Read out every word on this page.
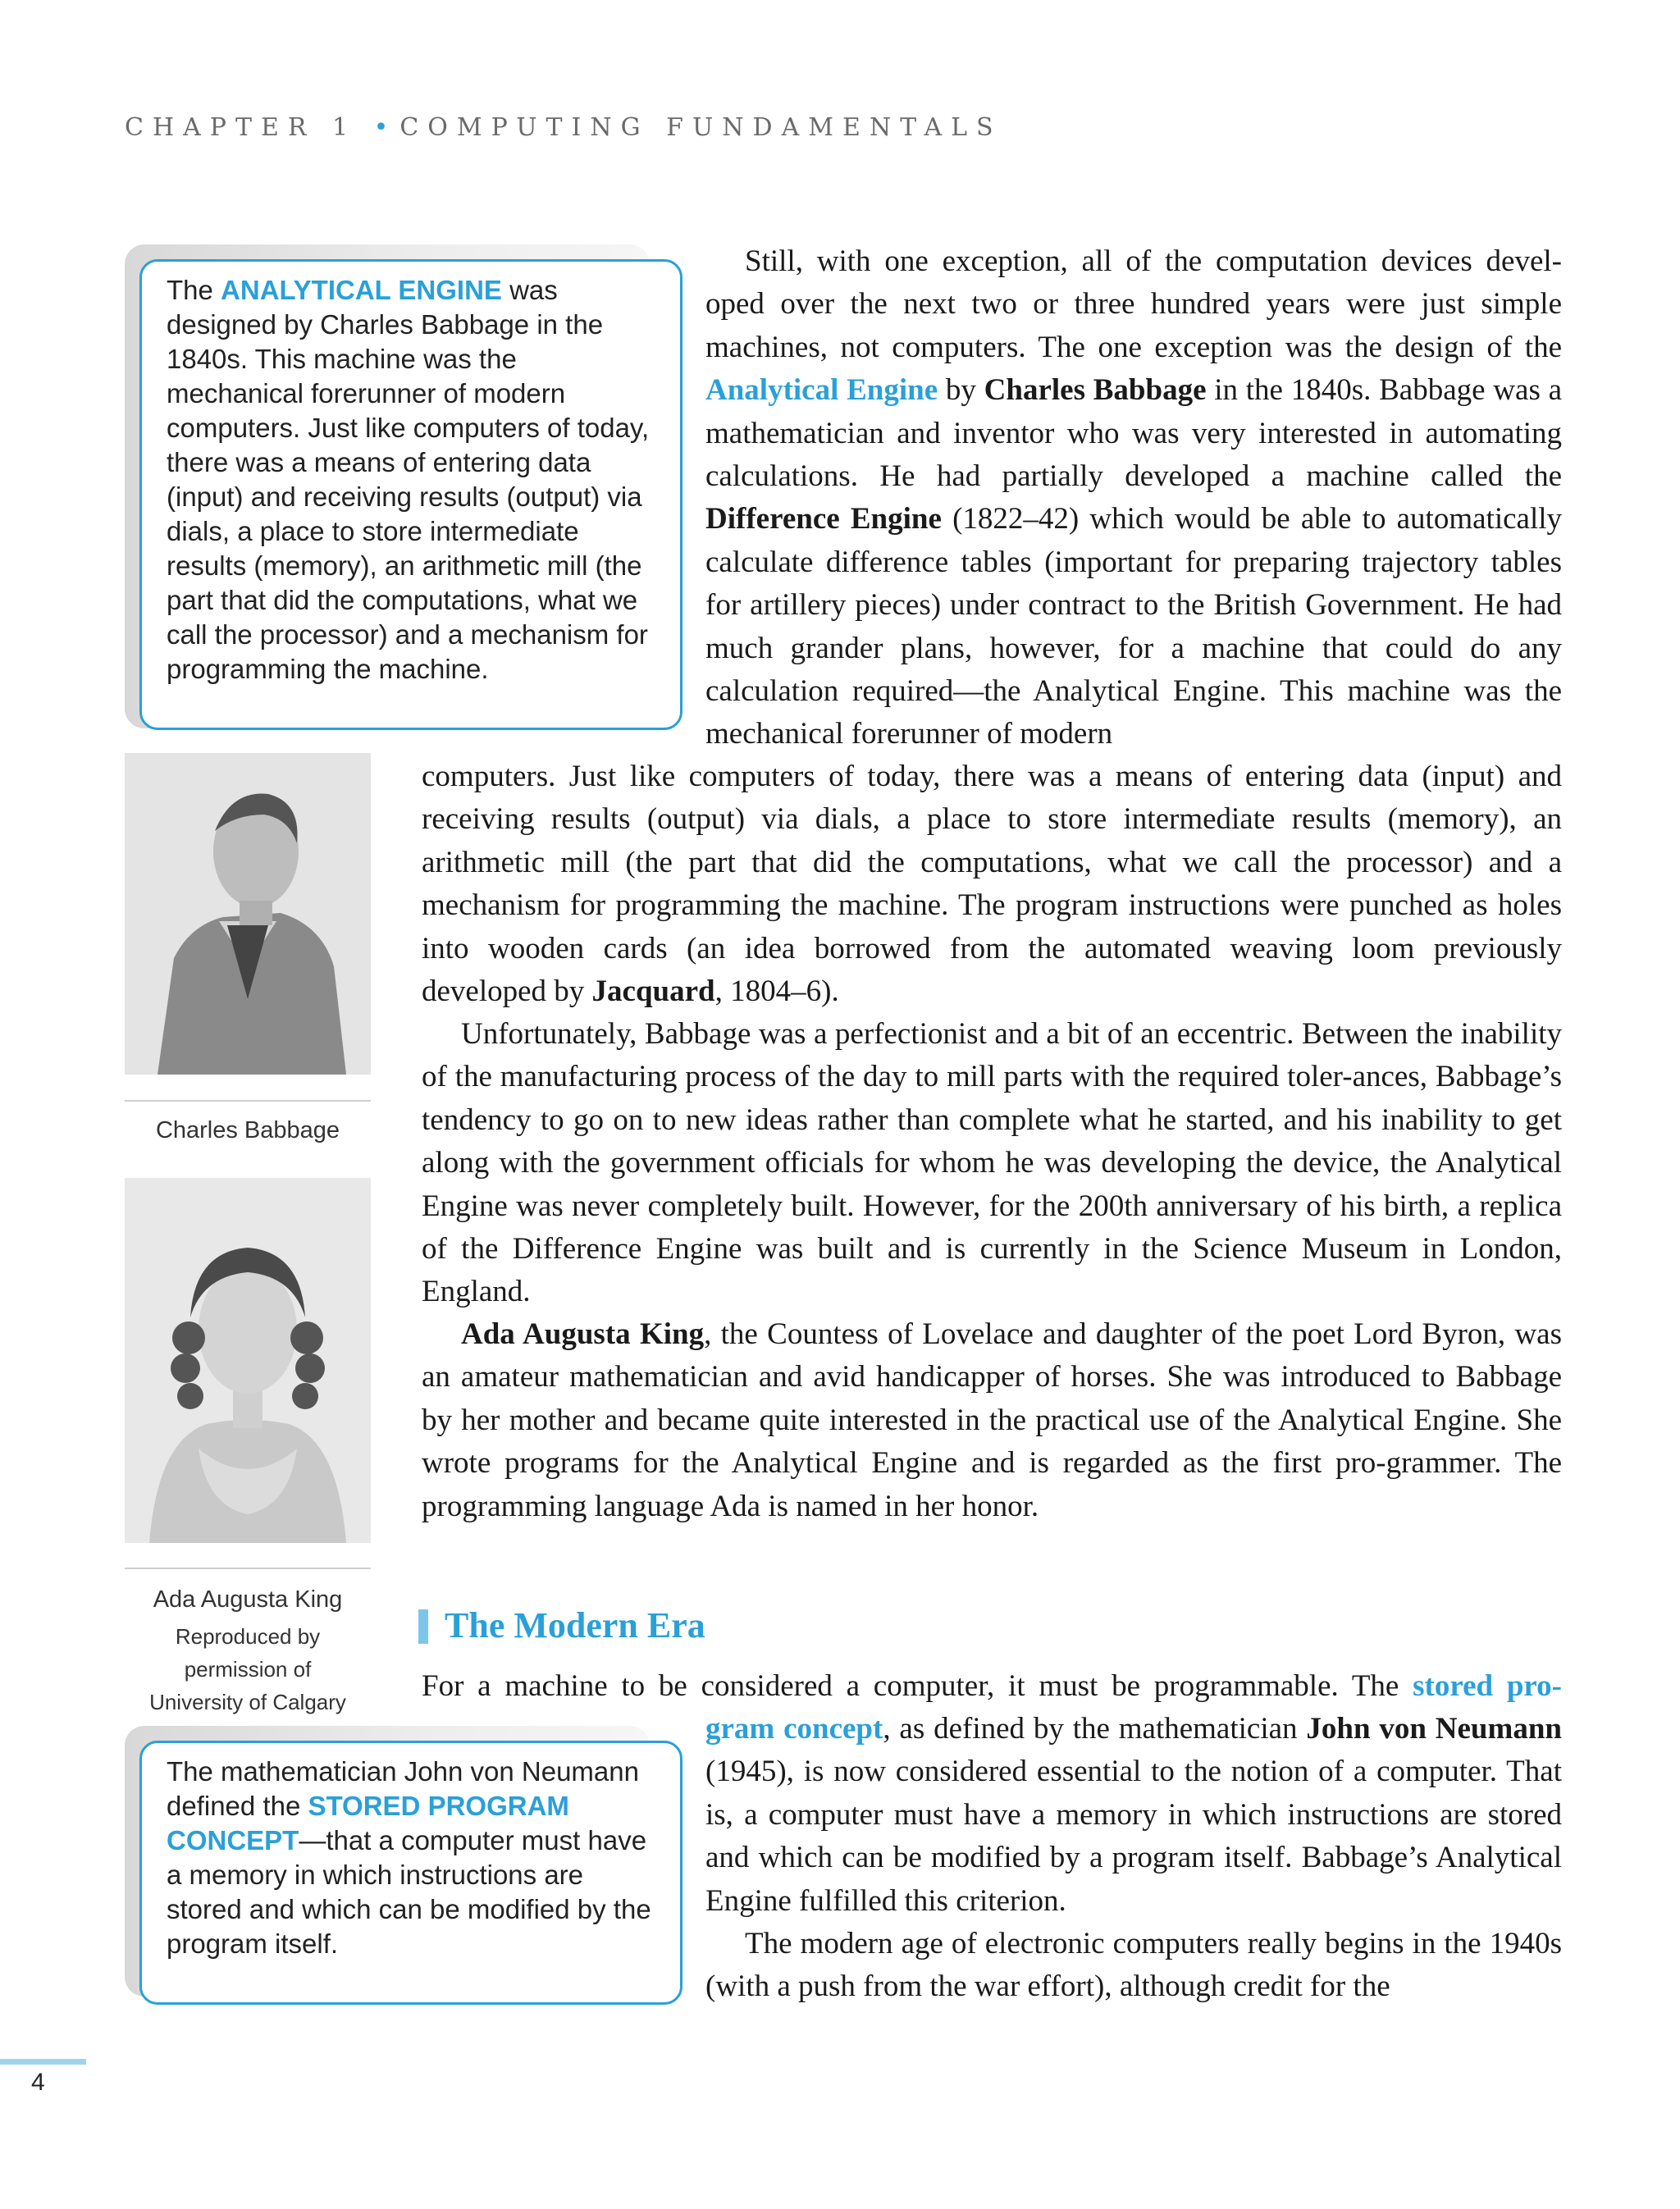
CHAPTER 1 • COMPUTING FUNDAMENTALS

The ANALYTICAL ENGINE was designed by Charles Babbage in the 1840s. This machine was the mechanical forerunner of modern computers. Just like computers of today, there was a means of entering data (input) and receiving results (output) via dials, a place to store intermediate results (memory), an arithmetic mill (the part that did the computations, what we call the processor) and a mechanism for programming the machine.

Still, with one exception, all of the computation devices devel-oped over the next two or three hundred years were just simple machines, not computers. The one exception was the design of the Analytical Engine by Charles Babbage in the 1840s. Babbage was a mathematician and inventor who was very interested in automating calculations. He had partially developed a machine called the Difference Engine (1822–42) which would be able to automatically calculate difference tables (important for preparing trajectory tables for artillery pieces) under contract to the British Government. He had much grander plans, however, for a machine that could do any calculation required—the Analytical Engine. This machine was the mechanical forerunner of modern
computers. Just like computers of today, there was a means of entering data (input) and receiving results (output) via dials, a place to store intermediate results (memory), an arithmetic mill (the part that did the computations, what we call the processor) and a mechanism for programming the machine. The program instructions were punched as holes into wooden cards (an idea borrowed from the automated weaving loom previously developed by Jacquard, 1804–6).
Unfortunately, Babbage was a perfectionist and a bit of an eccentric. Between the inability of the manufacturing process of the day to mill parts with the required toler-ances, Babbage’s tendency to go on to new ideas rather than complete what he started, and his inability to get along with the government officials for whom he was developing the device, the Analytical Engine was never completely built. However, for the 200th anniversary of his birth, a replica of the Difference Engine was built and is currently in the Science Museum in London, England.
Ada Augusta King, the Countess of Lovelace and daughter of the poet Lord Byron, was an amateur mathematician and avid handicapper of horses. She was introduced to Babbage by her mother and became quite interested in the practical use of the Analytical Engine. She wrote programs for the Analytical Engine and is regarded as the first pro-grammer. The programming language Ada is named in her honor.
Charles Babbage
Ada Augusta King
Reproduced by
permission of
University of Calgary
The Modern Era
For a machine to be considered a computer, it must be programmable. The stored pro-
gram concept, as defined by the mathematician John von Neumann (1945), is now considered essential to the notion of a computer. That is, a computer must have a memory in which instructions are stored and which can be modified by a program itself. Babbage’s Analytical Engine fulfilled this criterion.
The modern age of electronic computers really begins in the 1940s (with a push from the war effort), although credit for the

The mathematician John von Neumann defined the STORED PROGRAM CONCEPT—that a computer must have a memory in which instructions are stored and which can be modified by the program itself.

4
